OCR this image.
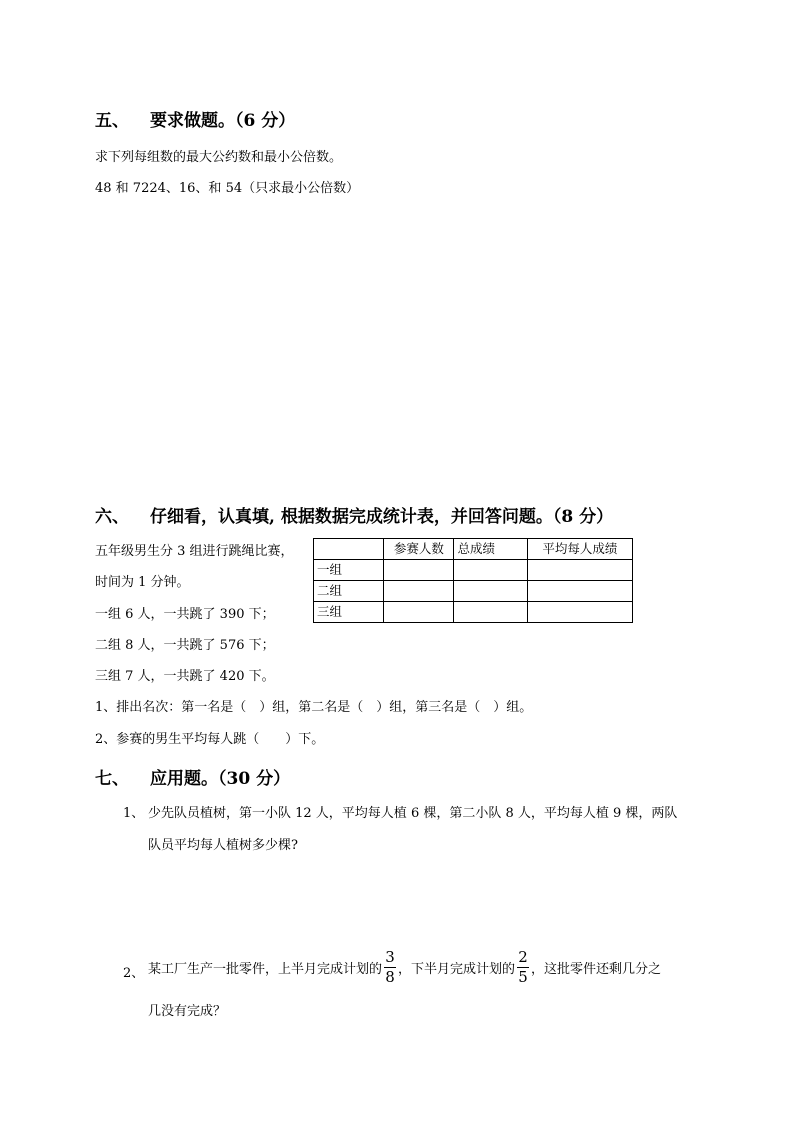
五、 要求做题。（6 分）
求下列每组数的最大公约数和最小公倍数。
48 和 7224、16、和 54（只求最小公倍数）
六、 仔细看，认真填, 根据数据完成统计表，并回答问题。（8 分）
五年级男生分 3 组进行跳绳比赛，
时间为 1 分钟。
一组 6 人，一共跳了 390 下；
二组 8 人，一共跳了 576 下；
三组 7 人，一共跳了 420 下。
	参赛人数	总成绩	平均每人成绩
一组			
二组			
三组			
1、排出名次：第一名是（　）组，第二名是（　）组，第三名是（　）组。
2、参赛的男生平均每人跳（　　）下。
七、 应用题。（30 分）
1、 少先队员植树，第一小队 12 人，平均每人植 6 棵，第二小队 8 人，平均每人植 9 棵，两队
队员平均每人植树多少棵?
2、 某工厂生产一批零件，上半月完成计划的 $\frac{3}{8}$ ，下半月完成计划的 $\frac{2}{5}$ ，这批零件还剩几分之
几没有完成？
